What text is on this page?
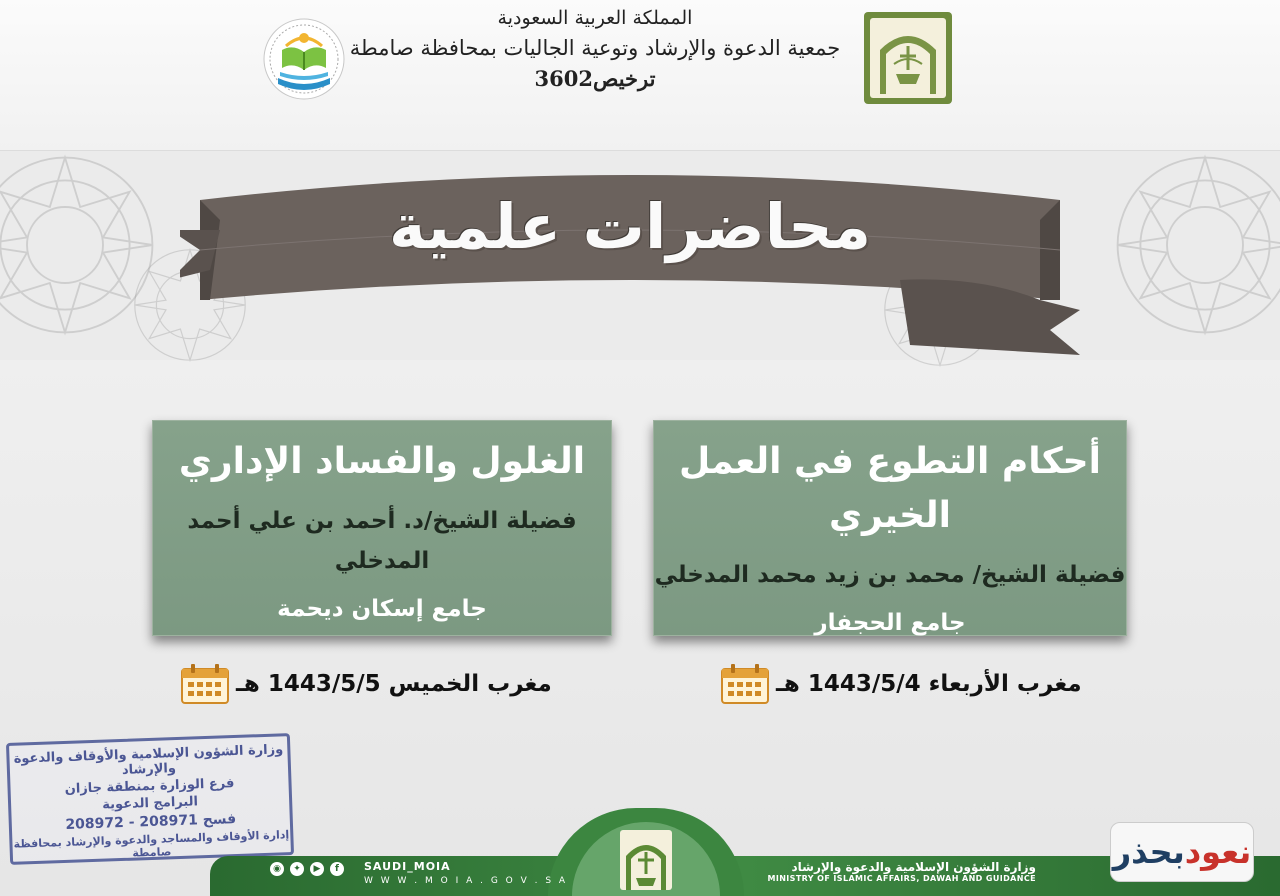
المملكة العربية السعودية
جمعية الدعوة والإرشاد وتوعية الجاليات بمحافظة صامطة
ترخيص3602
محاضرات علمية
أحكام التطوع في العمل الخيري
فضيلة الشيخ/ محمد بن زيد محمد المدخلي
جامع الحجفار
الغلول والفساد الإداري
فضيلة الشيخ/د. أحمد بن علي أحمد المدخلي
جامع إسكان ديحمة
مغرب الأربعاء 1443/5/4 هـ
مغرب الخميس 1443/5/5 هـ
وزارة الشؤون الإسلامية والأوقاف والدعوة والإرشاد
فرع الوزارة بمنطقة جازان
البرامج الدعوية
208972 - 208971 فسح
إدارة الأوقاف والمساجد والدعوة والإرشاد بمحافظة صامطة
◉	✦	▶	f	SAUDI_MOIA
W W W . M O I A . G O V . S A
وزارة الشؤون الإسلامية والدعوة والإرشاد
MINISTRY OF ISLAMIC AFFAIRS, DAWAH AND GUIDANCE
نعود
بحذر
